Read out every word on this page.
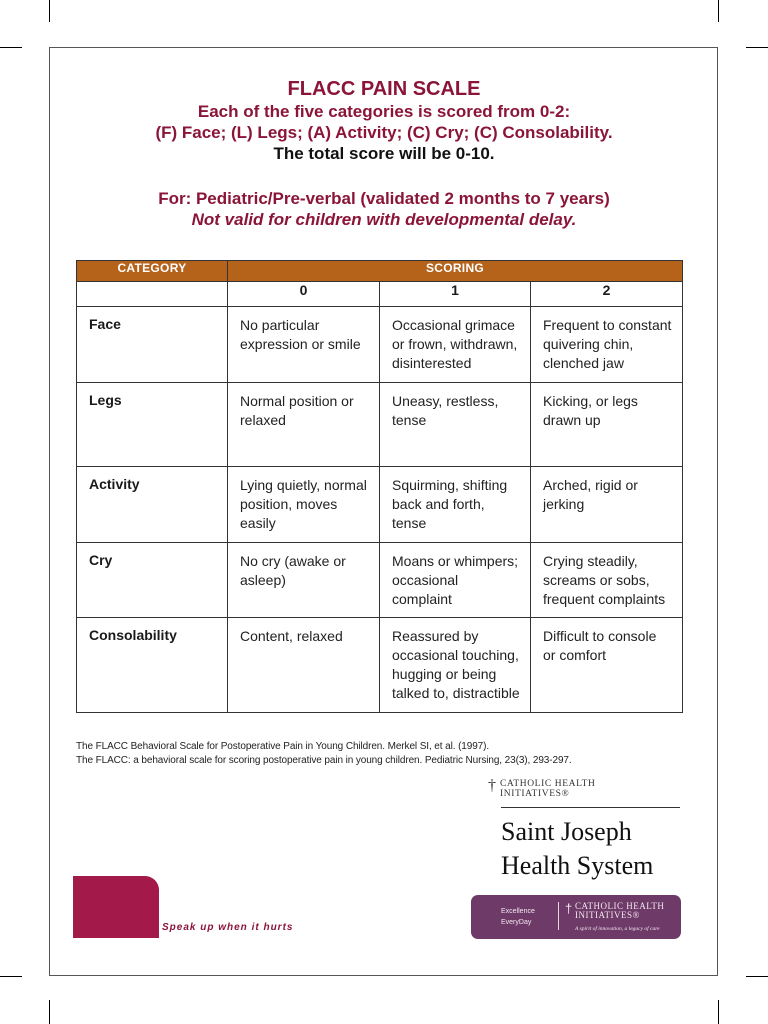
FLACC PAIN SCALE
Each of the five categories is scored from 0-2:
(F) Face; (L) Legs; (A) Activity; (C) Cry; (C) Consolability.
The total score will be 0-10.
For: Pediatric/Pre-verbal (validated 2 months to 7 years)
Not valid for children with developmental delay.
CATEGORY	SCORING		
	0	1	2
Face	No particular expression or smile	Occasional grimace or frown, withdrawn, disinterested	Frequent to constant quivering chin, clenched jaw
Legs	Normal position or relaxed	Uneasy, restless, tense	Kicking, or legs drawn up
Activity	Lying quietly, normal position, moves easily	Squirming, shifting back and forth, tense	Arched, rigid or jerking
Cry	No cry (awake or asleep)	Moans or whimpers; occasional complaint	Crying steadily, screams or sobs, frequent complaints
Consolability	Content, relaxed	Reassured by occasional touching, hugging or being talked to, distractible	Difficult to console or comfort
The FLACC Behavioral Scale for Postoperative Pain in Young Children. Merkel SI, et al. (1997).
The FLACC: a behavioral scale for scoring postoperative pain in young children. Pediatric Nursing, 23(3), 293-297.
† CATHOLIC HEALTH
INITIATIVES®
Saint Joseph
Health System
Speak up when it hurts
Excellence
EveryDay
† CATHOLIC HEALTH
INITIATIVES®
A spirit of innovation, a legacy of care
